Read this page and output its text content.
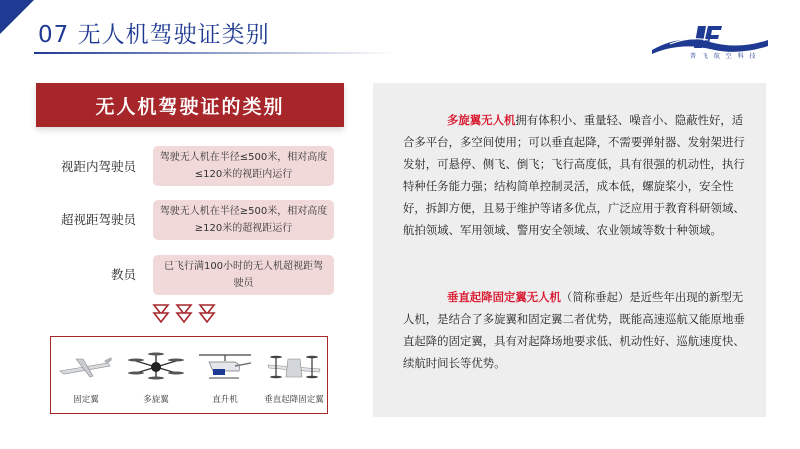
07 无人机驾驶证类别
普 飞 航 空 科 技
无人机驾驶证的类别
视距内驾驶员
驾驶无人机在半径≤500米，相对高度≤120米的视距内运行
超视距驾驶员
驾驶无人机在半径≥500米，相对高度≥120米的超视距运行
教员
已飞行满100小时的无人机超视距驾驶员
固定翼	多旋翼	直升机	垂直起降固定翼
多旋翼无人机拥有体积小、重量轻、噪音小、隐蔽性好，适合多平台，多空间使用；可以垂直起降，不需要弹射器、发射架进行发射，可悬停、侧飞、倒飞；飞行高度低，具有很强的机动性，执行特种任务能力强；结构简单控制灵活，成本低，螺旋桨小，安全性好，拆卸方便，且易于维护等诸多优点，广泛应用于教育科研领域、航拍领域、军用领域、警用安全领域、农业领域等数十种领域。
垂直起降固定翼无人机（简称垂起）是近些年出现的新型无人机，是结合了多旋翼和固定翼二者优势，既能高速巡航又能原地垂直起降的固定翼，具有对起降场地要求低、机动性好、巡航速度快、续航时间长等优势。
